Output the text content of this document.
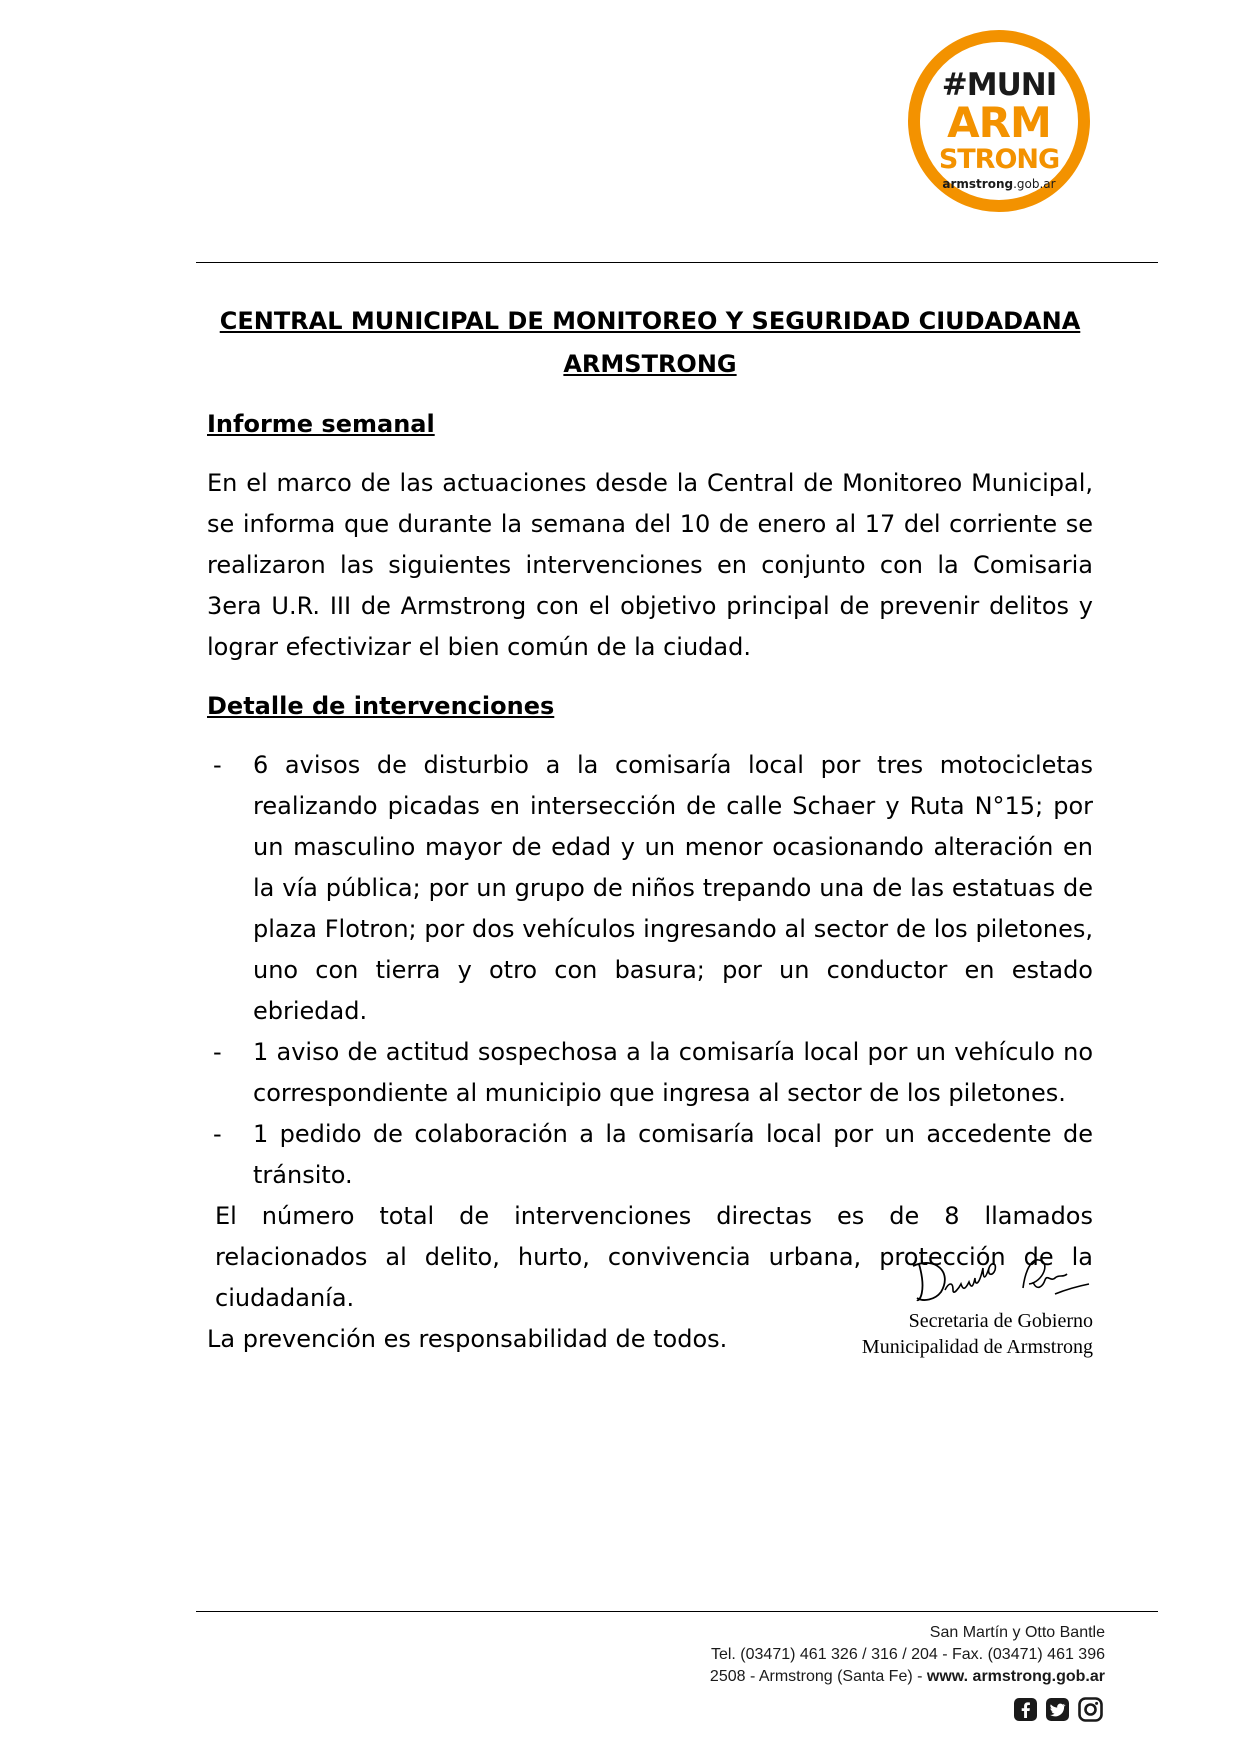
#MUNI
ARM
STRONG
armstrong.gob.ar
CENTRAL MUNICIPAL DE MONITOREO Y SEGURIDAD CIUDADANA
ARMSTRONG
Informe semanal

En el marco de las actuaciones desde la Central de Monitoreo Municipal, se informa que durante la semana del 10 de enero al 17 del corriente se realizaron las siguientes intervenciones en conjunto con la Comisaria 3era U.R. III de Armstrong con el objetivo principal de prevenir delitos y lograr efectivizar el bien común de la ciudad.

Detalle de intervenciones
- 6 avisos de disturbio a la comisaría local por tres motocicletas realizando picadas en intersección de calle Schaer y Ruta N°15; por un masculino mayor de edad y un menor ocasionando alteración en la vía pública; por un grupo de niños trepando una de las estatuas de plaza Flotron; por dos vehículos ingresando al sector de los piletones, uno con tierra y otro con basura; por un conductor en estado ebriedad.
- 1 aviso de actitud sospechosa a la comisaría local por un vehículo no correspondiente al municipio que ingresa al sector de los piletones.
- 1 pedido de colaboración a la comisaría local por un accedente de tránsito.

El número total de intervenciones directas es de 8 llamados relacionados al delito, hurto, convivencia urbana, protección de la ciudadanía.

La prevención es responsabilidad de todos.

Secretaria de Gobierno
Municipalidad de Armstrong
San Martín y Otto Bantle
Tel. (03471) 461 326 / 316 / 204 - Fax. (03471) 461 396
2508 - Armstrong (Santa Fe) - www. armstrong.gob.ar
